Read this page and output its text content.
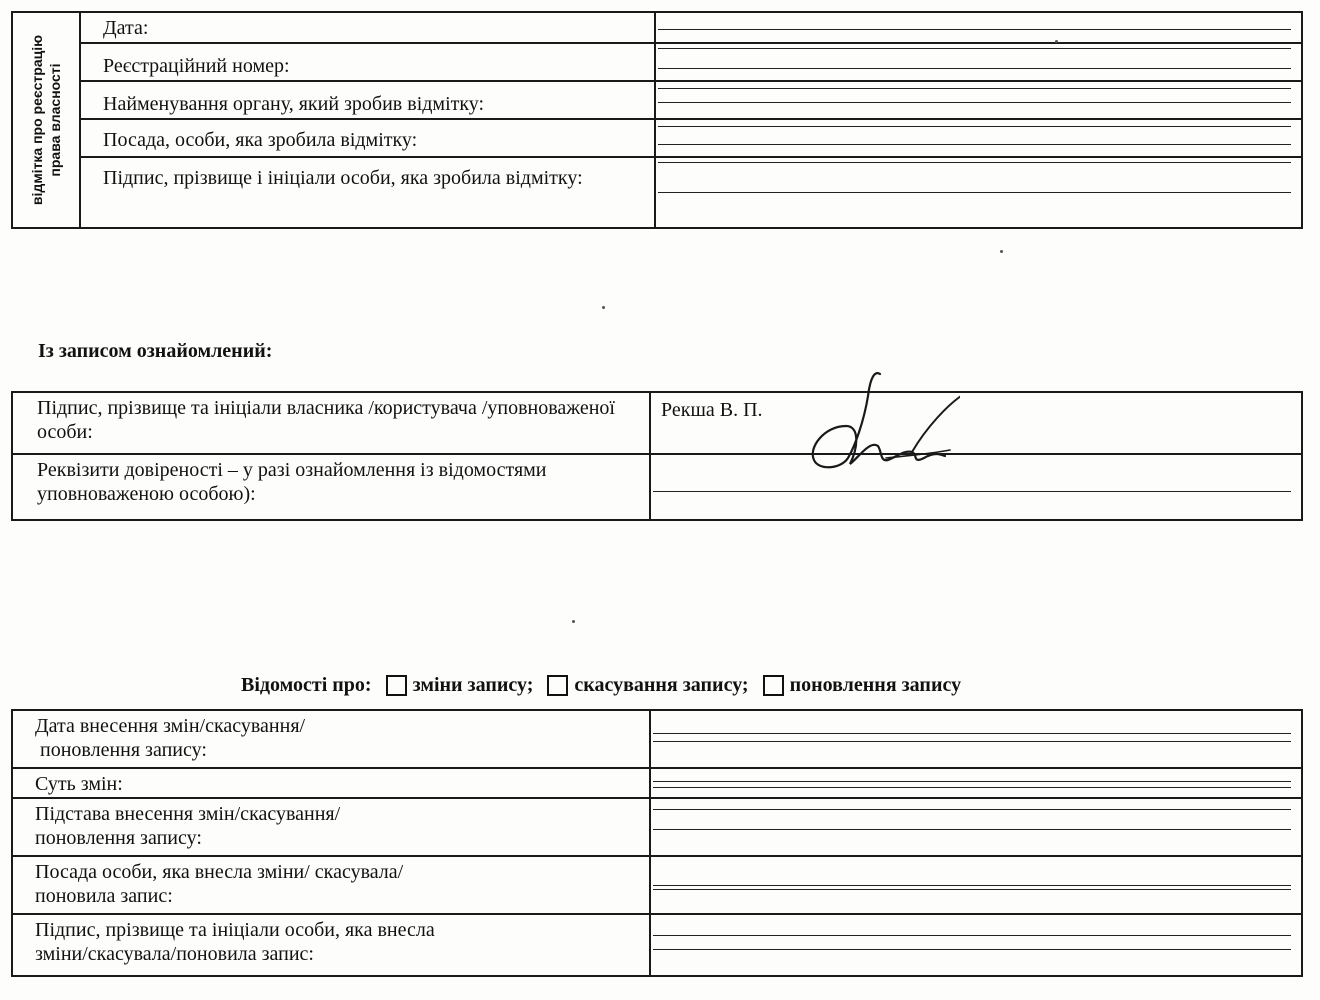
відмітка про реєстрацію права власності	Дата:	

	Реєстраційний номер:	

	Найменування органу, який зробив відмітку:	

	Посада, особи, яка зробила відмітку:	

	Підпис, прізвище і ініціали особи, яка зробила відмітку:	
Із записом ознайомлений:
Підпис, прізвище та ініціали власника /користувача /уповноваженої особи:	Рекша В. П.
Реквізити довіреності – у разі ознайомлення із відомостями уповноваженою особою):	
Відомості про: зміни запису; скасування запису; поновлення запису
Дата внесення змін/скасування/
поновлення запису:	

Суть змін:	

Підстава внесення змін/скасування/
поновлення запису:	

Посада особи, яка внесла зміни/ скасувала/
поновила запис:	

Підпис, прізвище та ініціали особи, яка внесла
зміни/скасувала/поновила запис:	
